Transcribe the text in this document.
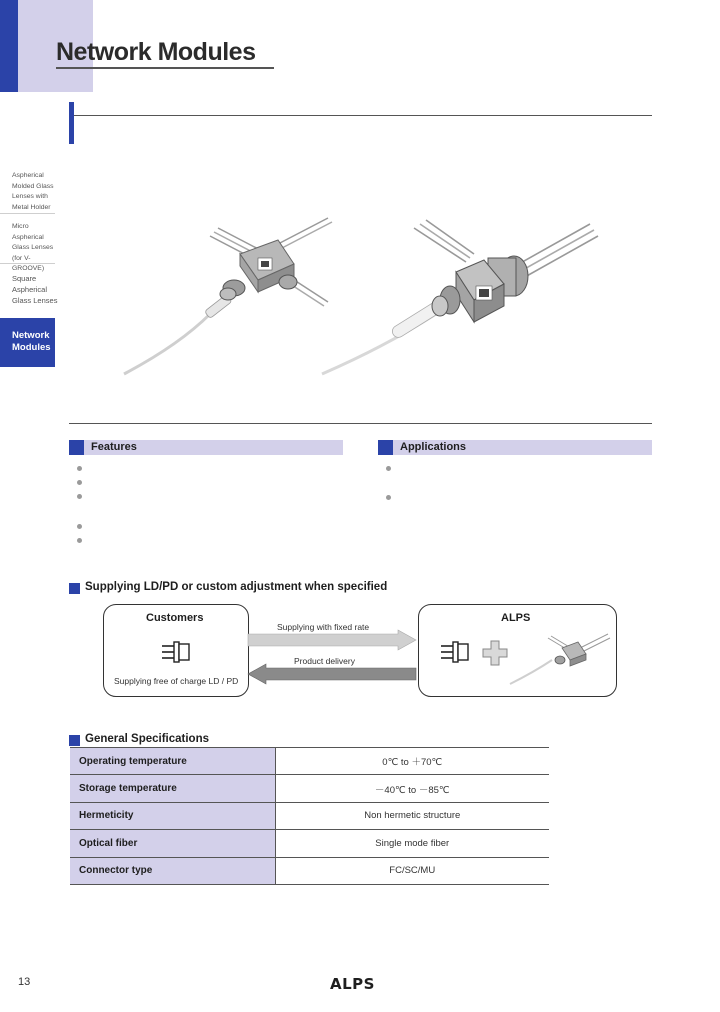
Network Modules
Aspherical Molded Glass Lenses with Metal Holder
Micro Aspherical Glass Lenses (for V-GROOVE)
Square Aspherical Glass Lenses
Network Modules
Features	Applications
Supplying LD/PD or custom adjustment when specified
Customers
Supplying free of charge LD / PD
Supplying with fixed rate
Product delivery
ALPS
General Specifications
Operating temperature	0℃ to ＋70℃
Storage temperature	－40℃ to －85℃
Hermeticity	Non hermetic structure
Optical fiber	Single mode fiber
Connector type	FC/SC/MU
13	ALPS
